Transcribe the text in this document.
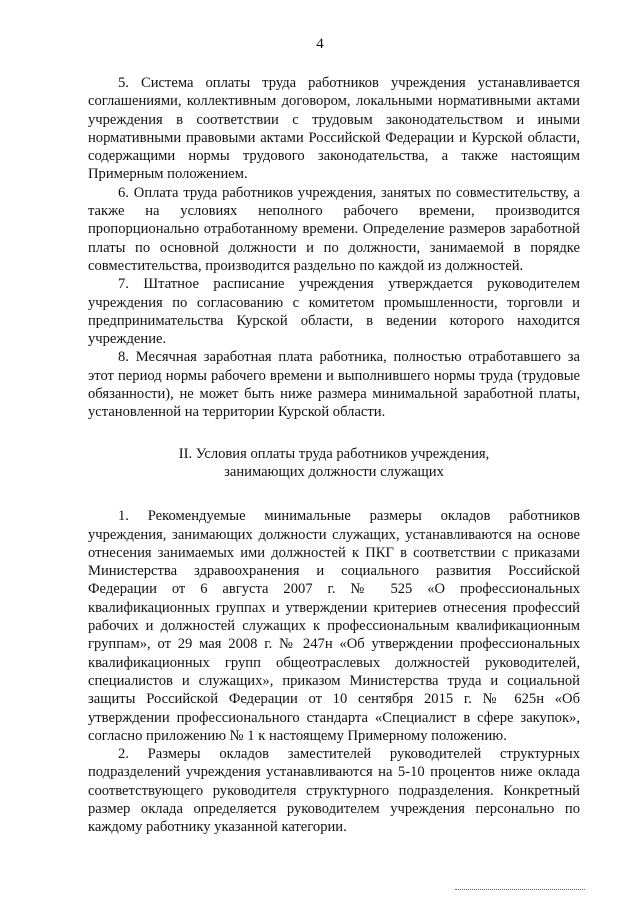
4

5. Система оплаты труда работников учреждения устанавливается соглашениями, коллективным договором, локальными нормативными актами учреждения в соответствии с трудовым законодательством и иными нормативными правовыми актами Российской Федерации и Курской области, содержащими нормы трудового законодательства, а также настоящим Примерным положением.

6. Оплата труда работников учреждения, занятых по совместительству, а также на условиях неполного рабочего времени, производится пропорционально отработанному времени. Определение размеров заработной платы по основной должности и по должности, занимаемой в порядке совместительства, производится раздельно по каждой из должностей.

7. Штатное расписание учреждения утверждается руководителем учреждения по согласованию с комитетом промышленности, торговли и предпринимательства Курской области, в ведении которого находится учреждение.

8. Месячная заработная плата работника, полностью отработавшего за этот период нормы рабочего времени и выполнившего нормы труда (трудовые обязанности), не может быть ниже размера минимальной заработной платы, установленной на территории Курской области.

II. Условия оплаты труда работников учреждения,
занимающих должности служащих

1. Рекомендуемые минимальные размеры окладов работников учреждения, занимающих должности служащих, устанавливаются на основе отнесения занимаемых ими должностей к ПКГ в соответствии с приказами Министерства здравоохранения и социального развития Российской Федерации от 6 августа 2007 г. № 525 «О профессиональных квалификационных группах и утверждении критериев отнесения профессий рабочих и должностей служащих к профессиональным квалификационным группам», от 29 мая 2008 г. № 247н «Об утверждении профессиональных квалификационных групп общеотраслевых должностей руководителей, специалистов и служащих», приказом Министерства труда и социальной защиты Российской Федерации от 10 сентября 2015 г. № 625н «Об утверждении профессионального стандарта «Специалист в сфере закупок», согласно приложению № 1 к настоящему Примерному положению.

2. Размеры окладов заместителей руководителей структурных подразделений учреждения устанавливаются на 5-10 процентов ниже оклада соответствующего руководителя структурного подразделения. Конкретный размер оклада определяется руководителем учреждения персонально по каждому работнику указанной категории.
